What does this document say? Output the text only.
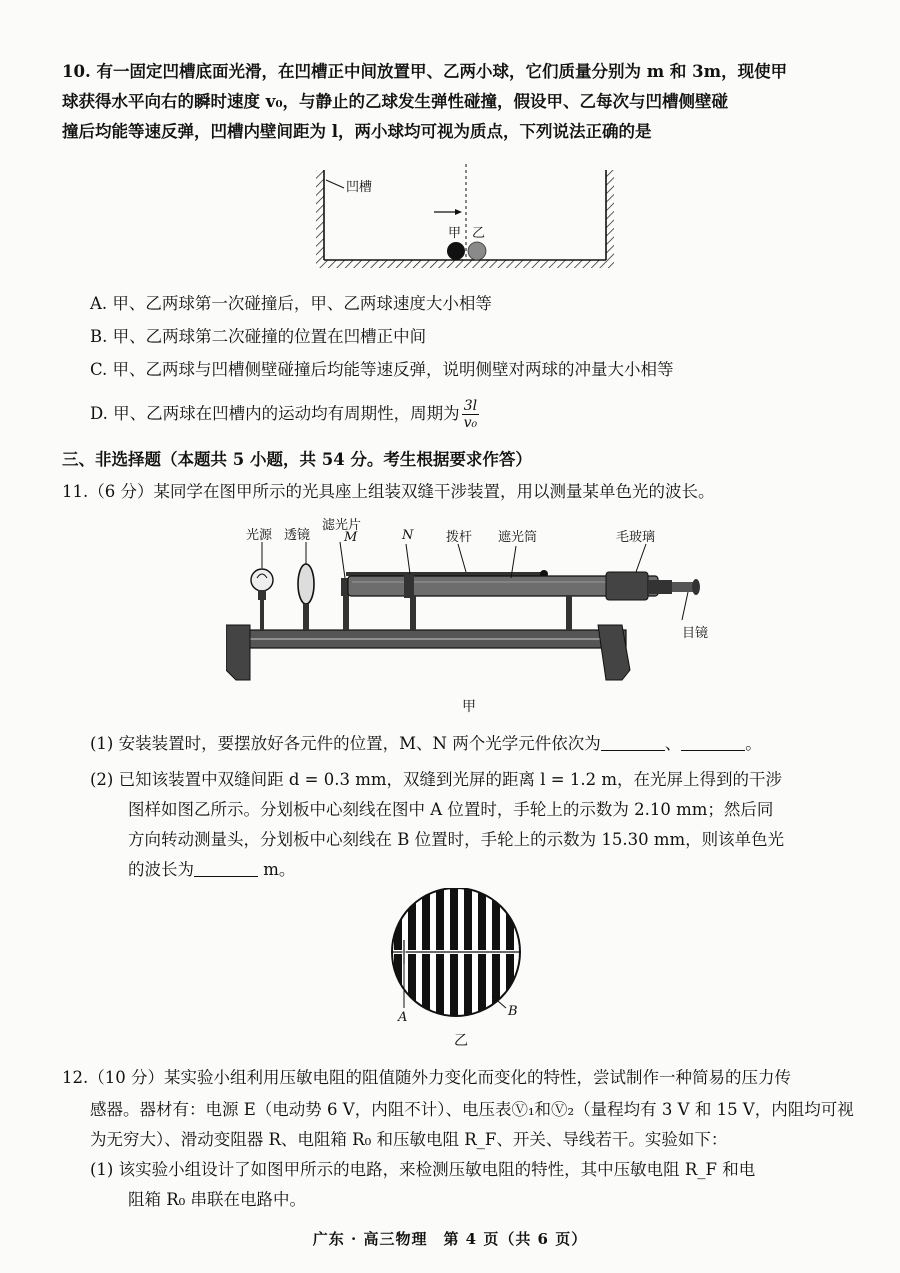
10. 有一固定凹槽底面光滑，在凹槽正中间放置甲、乙两小球，它们质量分别为 m 和 3m，现使甲
球获得水平向右的瞬时速度 v₀，与静止的乙球发生弹性碰撞，假设甲、乙每次与凹槽侧壁碰
撞后均能等速反弹，凹槽内壁间距为 l，两小球均可视为质点，下列说法正确的是
凹槽
甲 乙
A. 甲、乙两球第一次碰撞后，甲、乙两球速度大小相等
B. 甲、乙两球第二次碰撞的位置在凹槽正中间
C. 甲、乙两球与凹槽侧壁碰撞后均能等速反弹，说明侧壁对两球的冲量大小相等
D. 甲、乙两球在凹槽内的运动均有周期性，周期为 $\frac{3l}{\text{v₀}}$
三、非选择题（本题共 5 小题，共 54 分。考生根据要求作答）
11.（6 分）某同学在图甲所示的光具座上组装双缝干涉装置，用以测量某单色光的波长。
光源 透镜
滤光片
M	N	拨杆 遮光筒	毛玻璃
目镜
甲
(1) 安装装置时，要摆放好各元件的位置，M、N 两个光学元件依次为	、	。
(2) 已知该装置中双缝间距 d = 0.3 mm，双缝到光屏的距离 l = 1.2 m，在光屏上得到的干涉
图样如图乙所示。分划板中心刻线在图中 A 位置时，手轮上的示数为 2.10 mm；然后同
方向转动测量头，分划板中心刻线在 B 位置时，手轮上的示数为 15.30 mm，则该单色光
的波长为	m。
A	B
乙
12.（10 分）某实验小组利用压敏电阻的阻值随外力变化而变化的特性，尝试制作一种简易的压力传
感器。器材有：电源 E（电动势 6 V，内阻不计）、电压表Ⓥ₁和Ⓥ₂（量程均有 3 V 和 15 V，内阻均可视
为无穷大）、滑动变阻器 R、电阻箱 R₀ 和压敏电阻 R_F、开关、导线若干。实验如下：
(1) 该实验小组设计了如图甲所示的电路，来检测压敏电阻的特性，其中压敏电阻 R_F 和电
阻箱 R₀ 串联在电路中。
广东 · 高三物理　第 4 页（共 6 页）
